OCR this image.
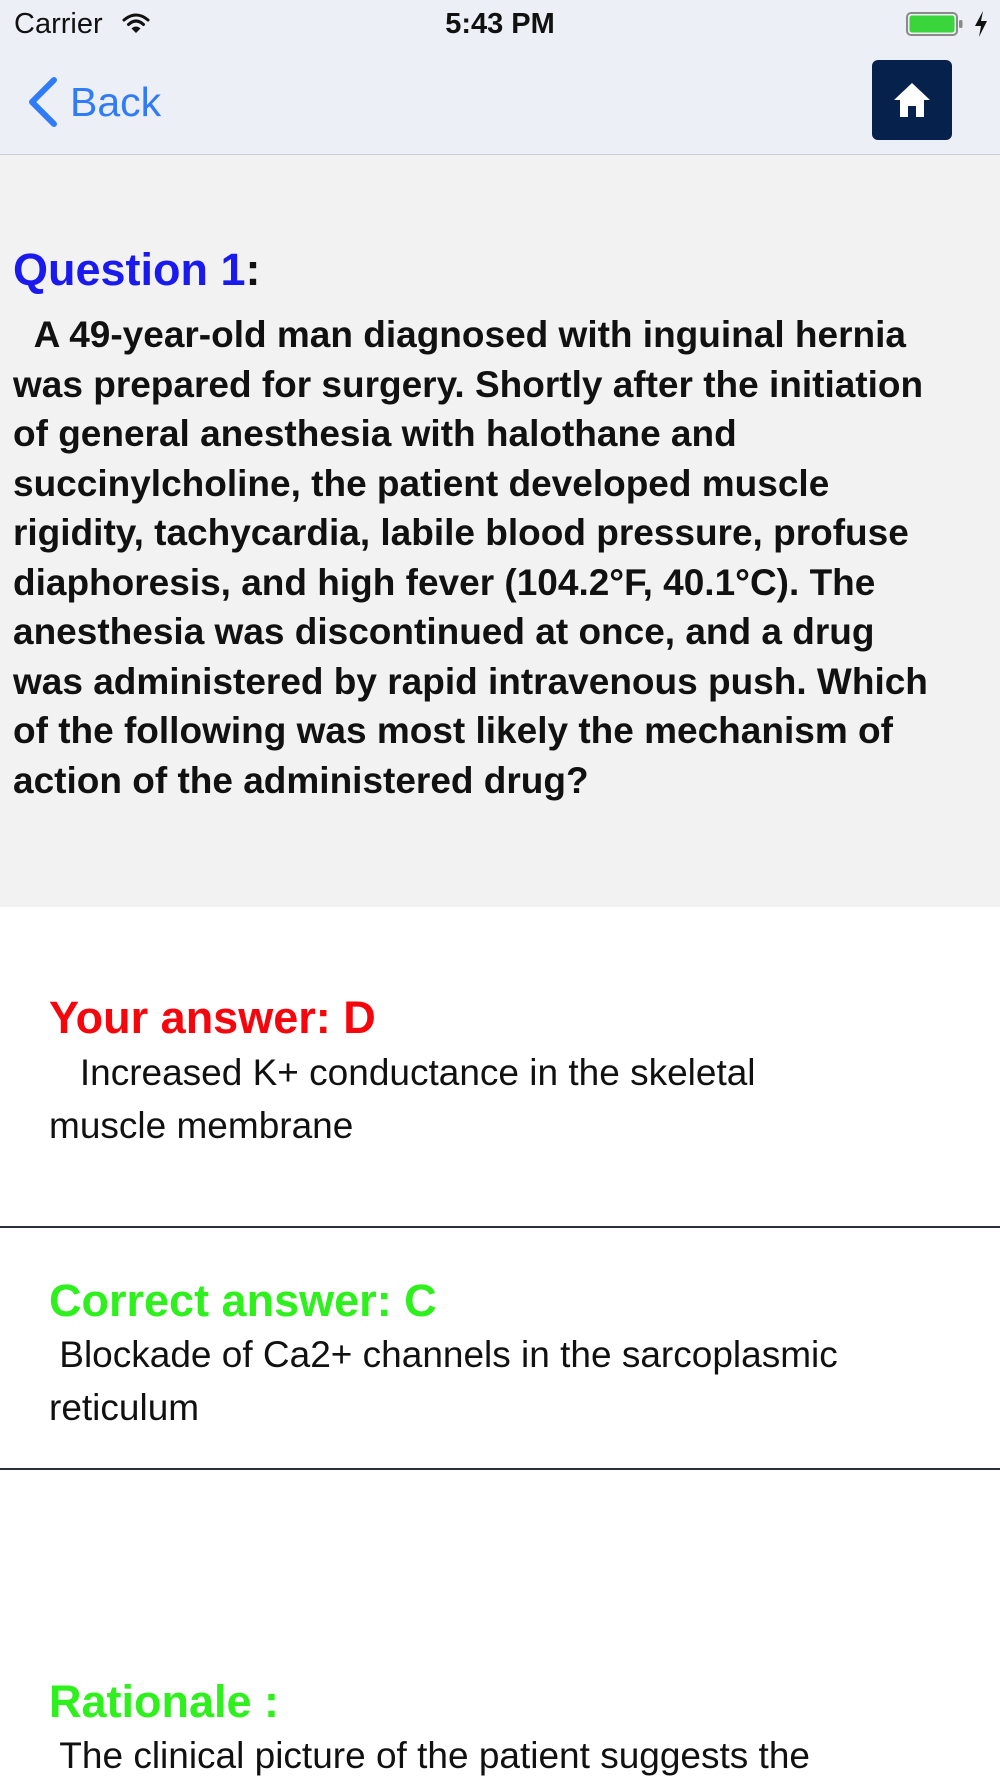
Carrier	5:43 PM
Back
Question 1:

A 49-year-old man diagnosed with inguinal hernia
was prepared for surgery. Shortly after the initiation
of general anesthesia with halothane and
succinylcholine, the patient developed muscle
rigidity, tachycardia, labile blood pressure, profuse
diaphoresis, and high fever (104.2°F, 40.1°C). The
anesthesia was discontinued at once, and a drug
was administered by rapid intravenous push. Which
of the following was most likely the mechanism of
action of the administered drug?

Your answer: D

Increased K+ conductance in the skeletal
muscle membrane

Correct answer: C

Blockade of Ca2+ channels in the sarcoplasmic
reticulum

Rationale :

The clinical picture of the patient suggests the
